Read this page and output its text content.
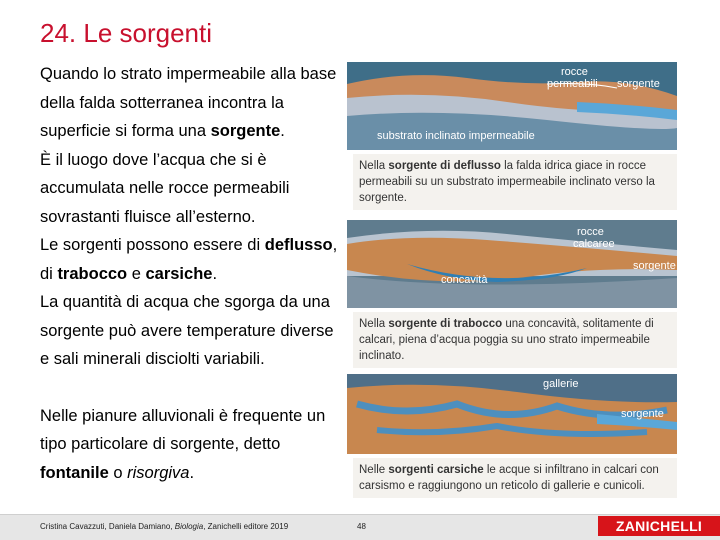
24. Le sorgenti

Quando lo strato impermeabile alla base della falda sotterranea incontra la superficie si forma una sorgente.

È il luogo dove l’acqua che si è accumulata nelle rocce permeabili sovrastanti fluisce all’esterno.

Le sorgenti possono essere di deflusso, di trabocco e carsiche.

La quantità di acqua che sgorga da una sorgente può avere temperature diverse e sali minerali disciolti variabili.

Nelle pianure alluvionali è frequente un tipo particolare di sorgente, detto fontanile o risorgiva.

rocce
permeabili sorgente
substrato inclinato impermeabile
Nella sorgente di deflusso la falda idrica giace in rocce permeabili su un substrato impermeabile inclinato verso la sorgente.
rocce
calcaree
sorgente
concavità
Nella sorgente di trabocco una concavità, solitamente di calcari, piena d’acqua poggia su uno strato impermeabile inclinato.
gallerie
sorgente
Nelle sorgenti carsiche le acque si infiltrano in calcari con carsismo e raggiungono un reticolo di gallerie e cunicoli.
Cristina Cavazzuti, Daniela Damiano, Biologia, Zanichelli editore 2019	48	ZANICHELLI
